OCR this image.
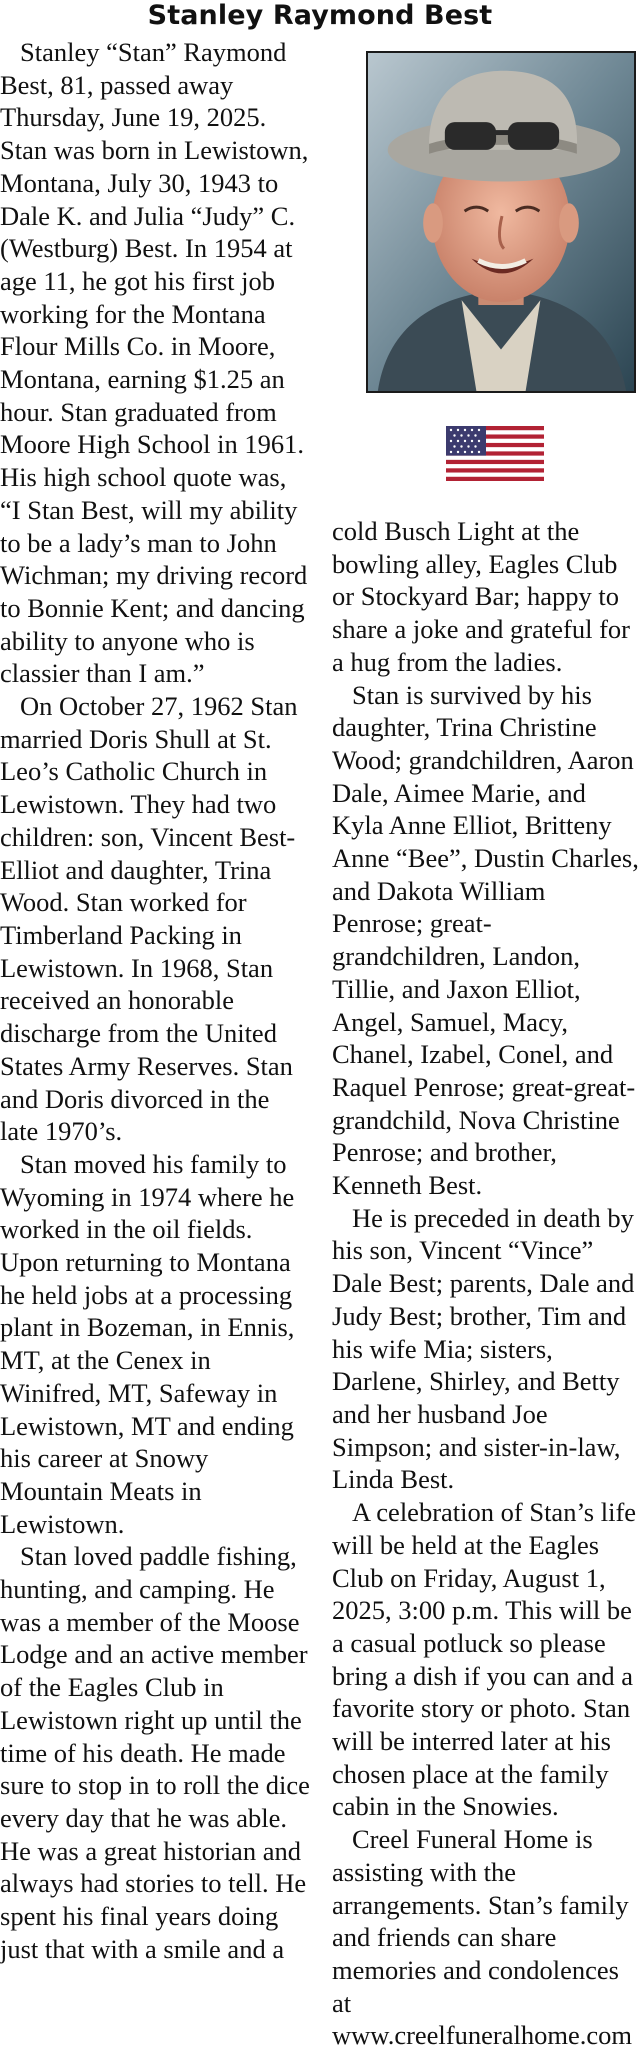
Stanley Raymond Best

Stanley “Stan” Raymond Best, 81, passed away Thursday, June 19, 2025. Stan was born in Lewistown, Montana, July 30, 1943 to Dale K. and Julia “Judy” C. (Westburg) Best. In 1954 at age 11, he got his first job working for the Montana Flour Mills Co. in Moore, Montana, earning $1.25 an hour. Stan graduated from Moore High School in 1961. His high school quote was, “I Stan Best, will my ability to be a lady’s man to John Wichman; my driving record to Bonnie Kent; and dancing ability to anyone who is classier than I am.”

On October 27, 1962 Stan married Doris Shull at St. Leo’s Catholic Church in Lewistown. They had two children: son, Vincent Best-Elliot and daughter, Trina Wood. Stan worked for Timberland Packing in Lewistown. In 1968, Stan received an honorable discharge from the United States Army Reserves. Stan and Doris divorced in the late 1970’s.

Stan moved his family to Wyoming in 1974 where he worked in the oil fields. Upon returning to Montana he held jobs at a processing plant in Bozeman, in Ennis, MT, at the Cenex in Winifred, MT, Safeway in Lewistown, MT and ending his career at Snowy Mountain Meats in Lewistown.

Stan loved paddle fishing, hunting, and camping. He was a member of the Moose Lodge and an active member of the Eagles Club in Lewistown right up until the time of his death. He made sure to stop in to roll the dice every day that he was able. He was a great historian and always had stories to tell. He spent his final years doing just that with a smile and a

cold Busch Light at the bowling alley, Eagles Club or Stockyard Bar; happy to share a joke and grateful for a hug from the ladies.

Stan is survived by his daughter, Trina Christine Wood; grandchildren, Aaron Dale, Aimee Marie, and Kyla Anne Elliot, Britteny Anne “Bee”, Dustin Charles, and Dakota William Penrose; great-grandchildren, Landon, Tillie, and Jaxon Elliot, Angel, Samuel, Macy, Chanel, Izabel, Conel, and Raquel Penrose; great-great-grandchild, Nova Christine Penrose; and brother, Kenneth Best.

He is preceded in death by his son, Vincent “Vince” Dale Best; parents, Dale and Judy Best; brother, Tim and his wife Mia; sisters, Darlene, Shirley, and Betty and her husband Joe Simpson; and sister-in-law, Linda Best.

A celebration of Stan’s life will be held at the Eagles Club on Friday, August 1, 2025, 3:00 p.m. This will be a casual potluck so please bring a dish if you can and a favorite story or photo. Stan will be interred later at his chosen place at the family cabin in the Snowies.

Creel Funeral Home is assisting with the arrangements. Stan’s family and friends can share memories and condolences at www.creelfuneralhome.com
